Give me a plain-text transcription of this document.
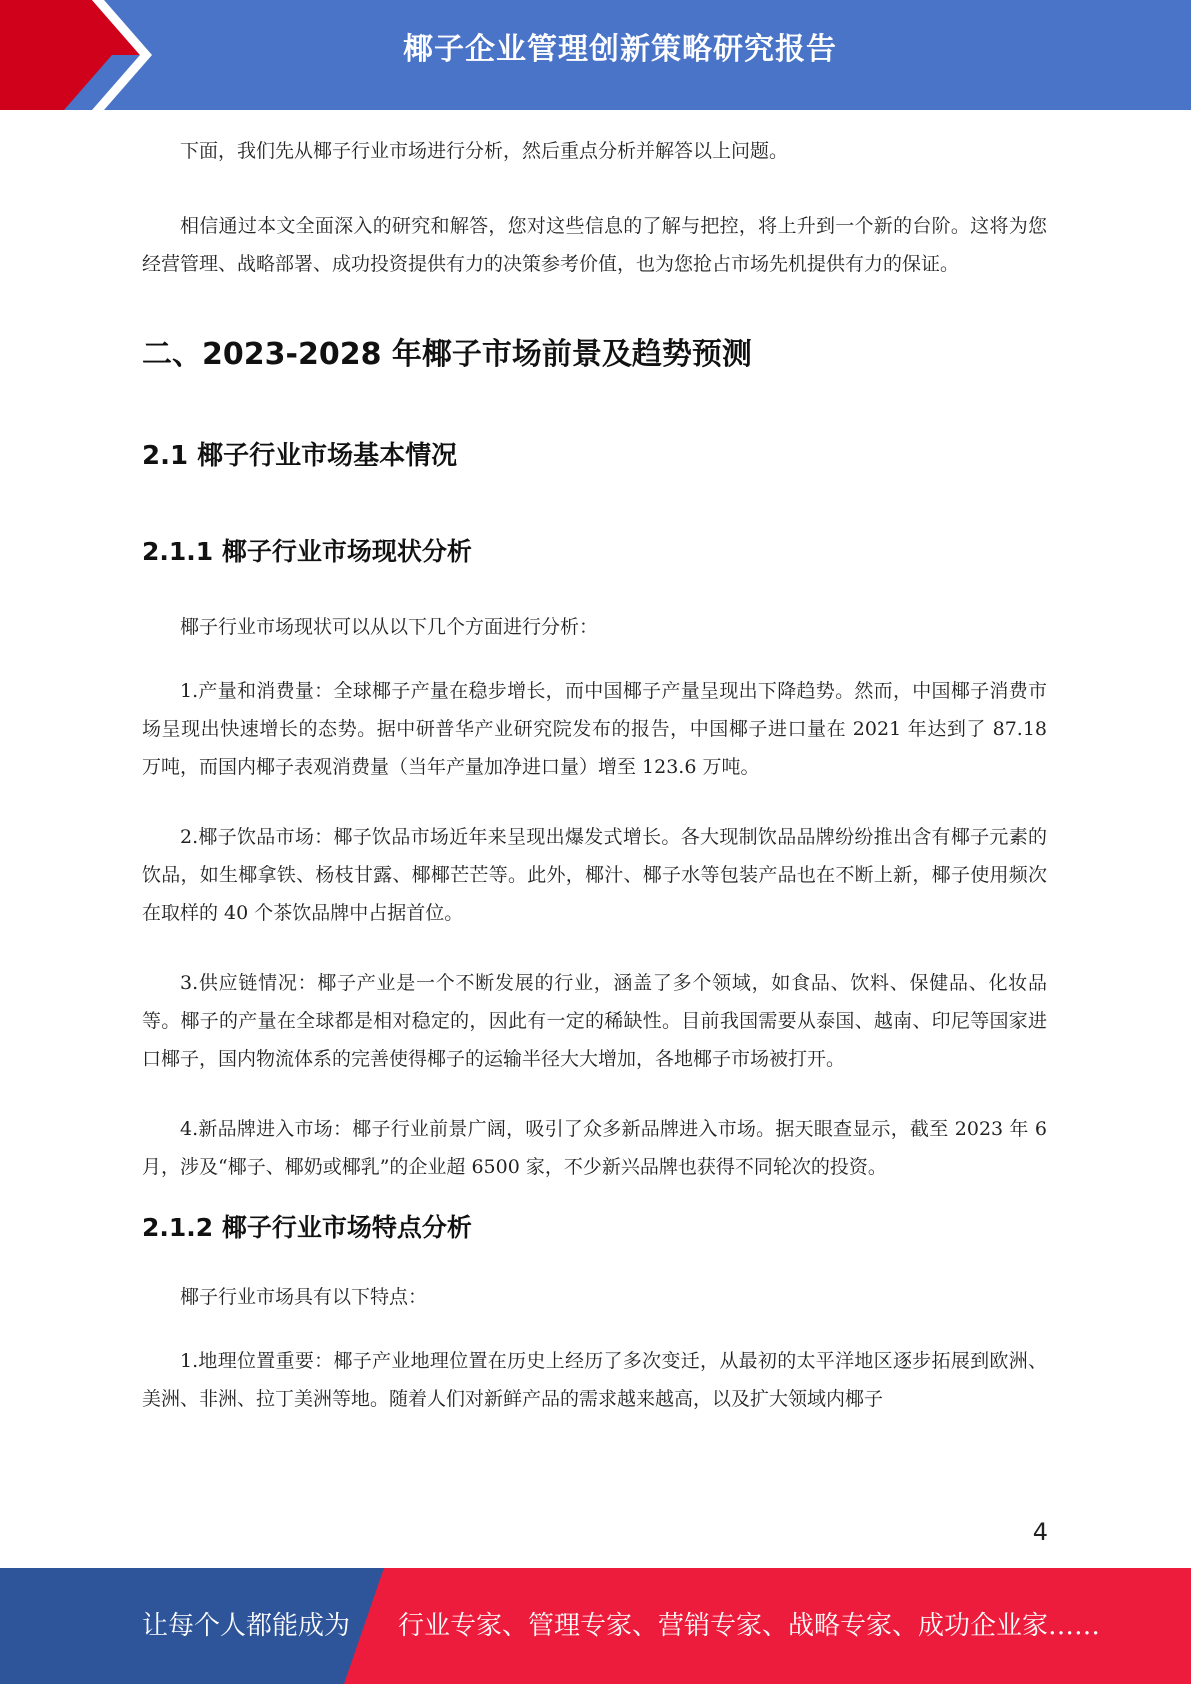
椰子企业管理创新策略研究报告

下面，我们先从椰子行业市场进行分析，然后重点分析并解答以上问题。

相信通过本文全面深入的研究和解答，您对这些信息的了解与把控，将上升到一个新的台阶。这将为您经营管理、战略部署、成功投资提供有力的决策参考价值，也为您抢占市场先机提供有力的保证。

二、2023-2028 年椰子市场前景及趋势预测
2.1 椰子行业市场基本情况
2.1.1 椰子行业市场现状分析

椰子行业市场现状可以从以下几个方面进行分析：

1.产量和消费量：全球椰子产量在稳步增长，而中国椰子产量呈现出下降趋势。然而，中国椰子消费市场呈现出快速增长的态势。据中研普华产业研究院发布的报告，中国椰子进口量在 2021 年达到了 87.18 万吨，而国内椰子表观消费量（当年产量加净进口量）增至 123.6 万吨。

2.椰子饮品市场：椰子饮品市场近年来呈现出爆发式增长。各大现制饮品品牌纷纷推出含有椰子元素的饮品，如生椰拿铁、杨枝甘露、椰椰芒芒等。此外，椰汁、椰子水等包装产品也在不断上新，椰子使用频次在取样的 40 个茶饮品牌中占据首位。

3.供应链情况：椰子产业是一个不断发展的行业，涵盖了多个领域，如食品、饮料、保健品、化妆品等。椰子的产量在全球都是相对稳定的，因此有一定的稀缺性。目前我国需要从泰国、越南、印尼等国家进口椰子，国内物流体系的完善使得椰子的运输半径大大增加，各地椰子市场被打开。

4.新品牌进入市场：椰子行业前景广阔，吸引了众多新品牌进入市场。据天眼查显示，截至 2023 年 6 月，涉及“椰子、椰奶或椰乳”的企业超 6500 家，不少新兴品牌也获得不同轮次的投资。

2.1.2 椰子行业市场特点分析

椰子行业市场具有以下特点：

1.地理位置重要：椰子产业地理位置在历史上经历了多次变迁，从最初的太平洋地区逐步拓展到欧洲、美洲、非洲、拉丁美洲等地。随着人们对新鲜产品的需求越来越高，以及扩大领域内椰子

4
让每个人都能成为 行业专家、管理专家、营销专家、战略专家、成功企业家……
